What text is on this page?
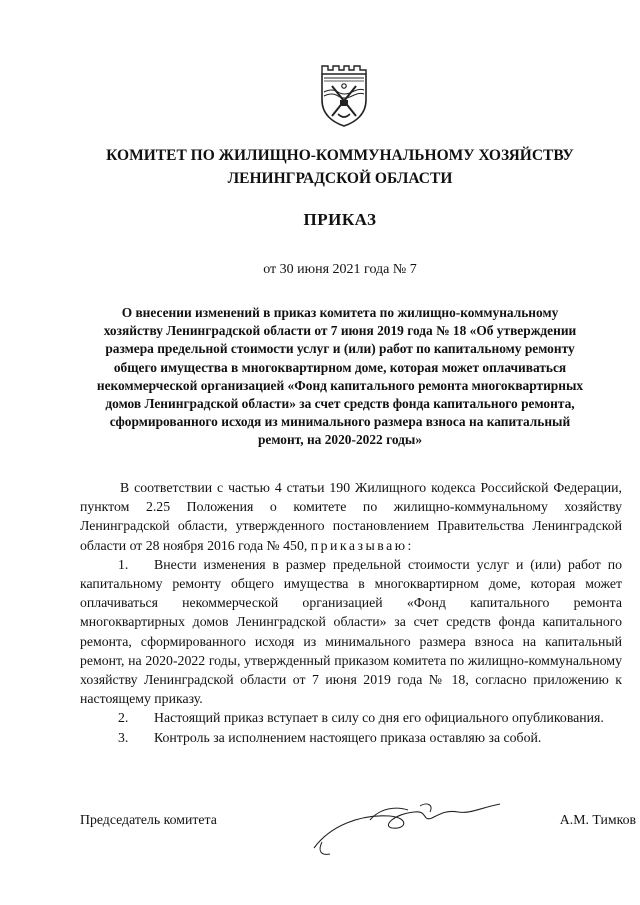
КОМИТЕТ ПО ЖИЛИЩНО-КОММУНАЛЬНОМУ ХОЗЯЙСТВУ
ЛЕНИНГРАДСКОЙ ОБЛАСТИ
ПРИКАЗ
от 30 июня 2021 года № 7
О внесении изменений в приказ комитета по жилищно-коммунальному
хозяйству Ленинградской области от 7 июня 2019 года № 18 «Об утверждении
размера предельной стоимости услуг и (или) работ по капитальному ремонту
общего имущества в многоквартирном доме, которая может оплачиваться
некоммерческой организацией «Фонд капитального ремонта многоквартирных
домов Ленинградской области» за счет средств фонда капитального ремонта,
сформированного исходя из минимального размера взноса на капитальный
ремонт, на 2020-2022 годы»

В соответствии с частью 4 статьи 190 Жилищного кодекса Российской Федерации, пунктом 2.25 Положения о комитете по жилищно-коммунальному хозяйству Ленинградской области, утвержденного постановлением Правительства Ленинградской области от 28 ноября 2016 года № 450, приказываю:

1. Внести изменения в размер предельной стоимости услуг и (или) работ по капитальному ремонту общего имущества в многоквартирном доме, которая может оплачиваться некоммерческой организацией «Фонд капитального ремонта многоквартирных домов Ленинградской области» за счет средств фонда капитального ремонта, сформированного исходя из минимального размера взноса на капитальный ремонт, на 2020-2022 годы, утвержденный приказом комитета по жилищно-коммунальному хозяйству Ленинградской области от 7 июня 2019 года № 18, согласно приложению к настоящему приказу.

2. Настоящий приказ вступает в силу со дня его официального опубликования.

3. Контроль за исполнением настоящего приказа оставляю за собой.

Председатель комитета	А.М. Тимков
